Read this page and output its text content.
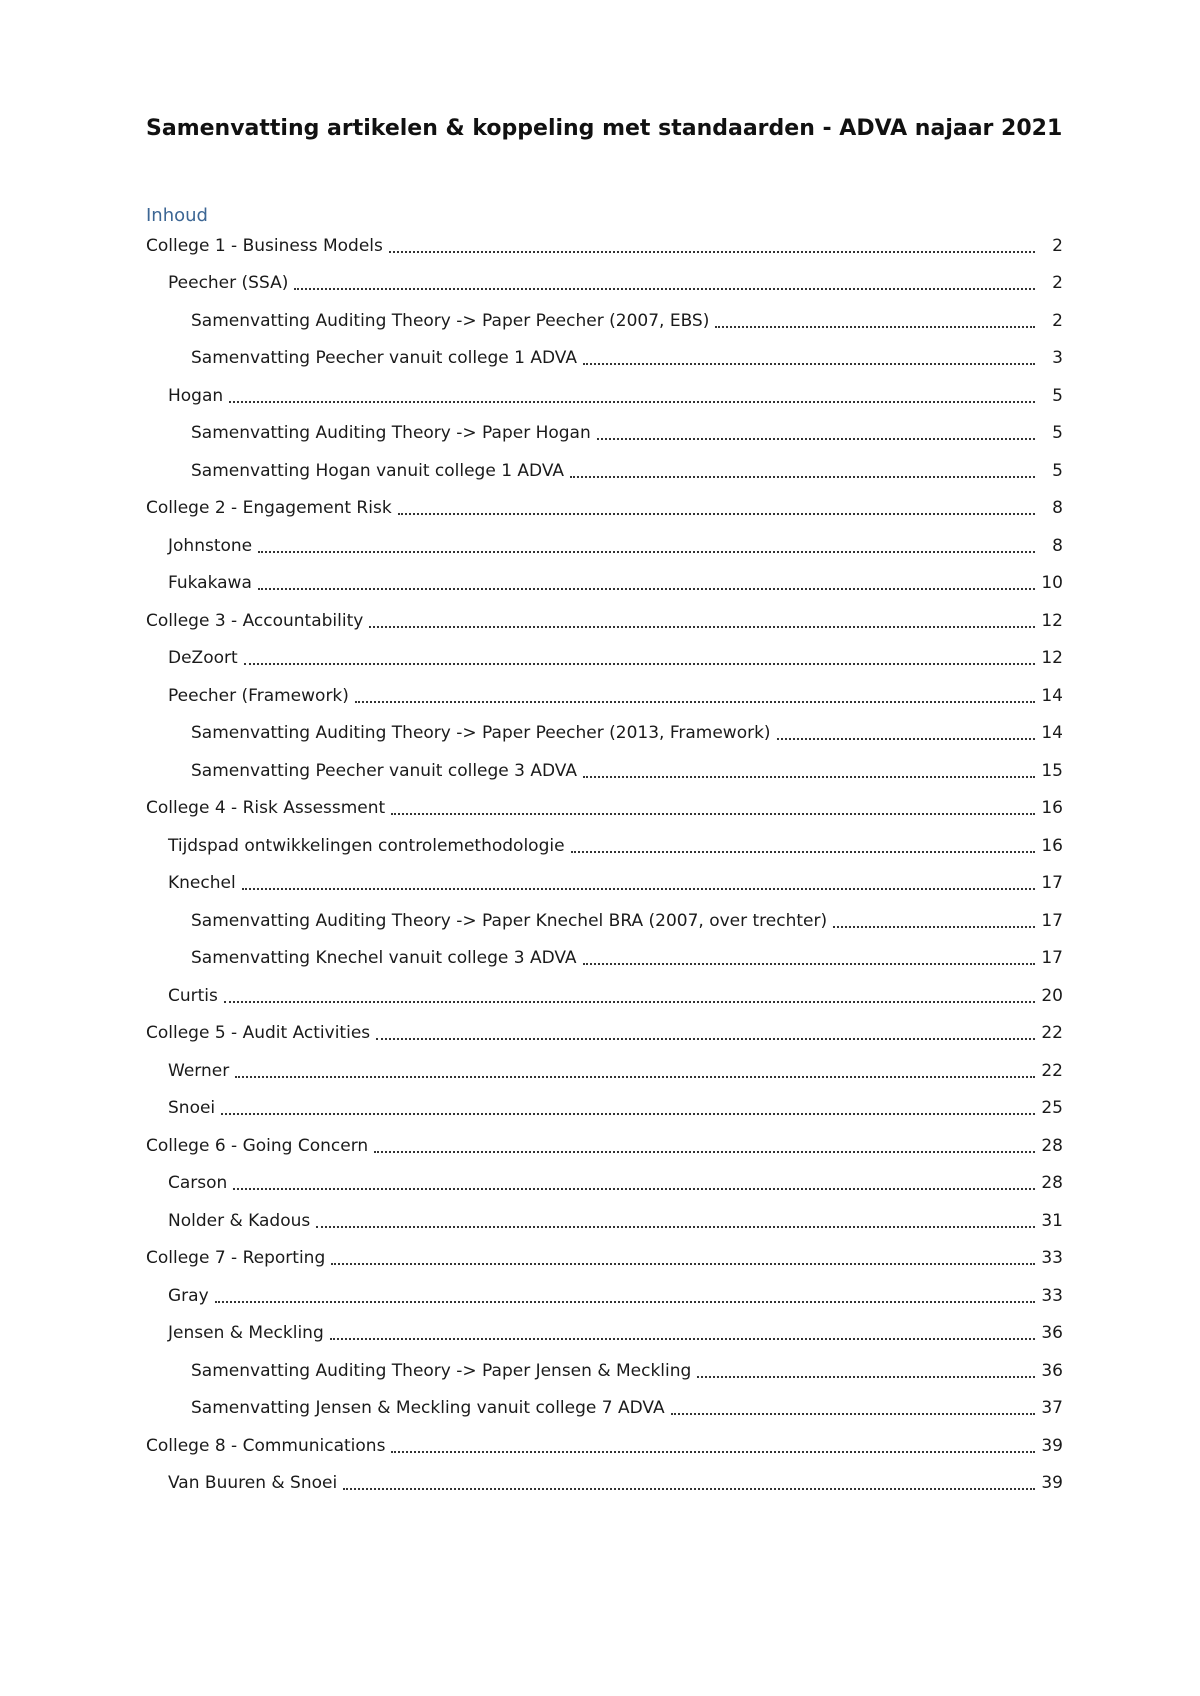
Samenvatting artikelen & koppeling met standaarden - ADVA najaar 2021
Inhoud
College 1 - Business Models	2
Peecher (SSA)	2
Samenvatting Auditing Theory -> Paper Peecher (2007, EBS)	2
Samenvatting Peecher vanuit college 1 ADVA	3
Hogan	5
Samenvatting Auditing Theory -> Paper Hogan	5
Samenvatting Hogan vanuit college 1 ADVA	5
College 2 - Engagement Risk	8
Johnstone	8
Fukakawa	10
College 3 - Accountability	12
DeZoort	12
Peecher (Framework)	14
Samenvatting Auditing Theory -> Paper Peecher (2013, Framework)	14
Samenvatting Peecher vanuit college 3 ADVA	15
College 4 - Risk Assessment	16
Tijdspad ontwikkelingen controlemethodologie	16
Knechel	17
Samenvatting Auditing Theory -> Paper Knechel BRA (2007, over trechter)	17
Samenvatting Knechel vanuit college 3 ADVA	17
Curtis	20
College 5 - Audit Activities	22
Werner	22
Snoei	25
College 6 - Going Concern	28
Carson	28
Nolder & Kadous	31
College 7 - Reporting	33
Gray	33
Jensen & Meckling	36
Samenvatting Auditing Theory -> Paper Jensen & Meckling	36
Samenvatting Jensen & Meckling vanuit college 7 ADVA	37
College 8 - Communications	39
Van Buuren & Snoei	39
